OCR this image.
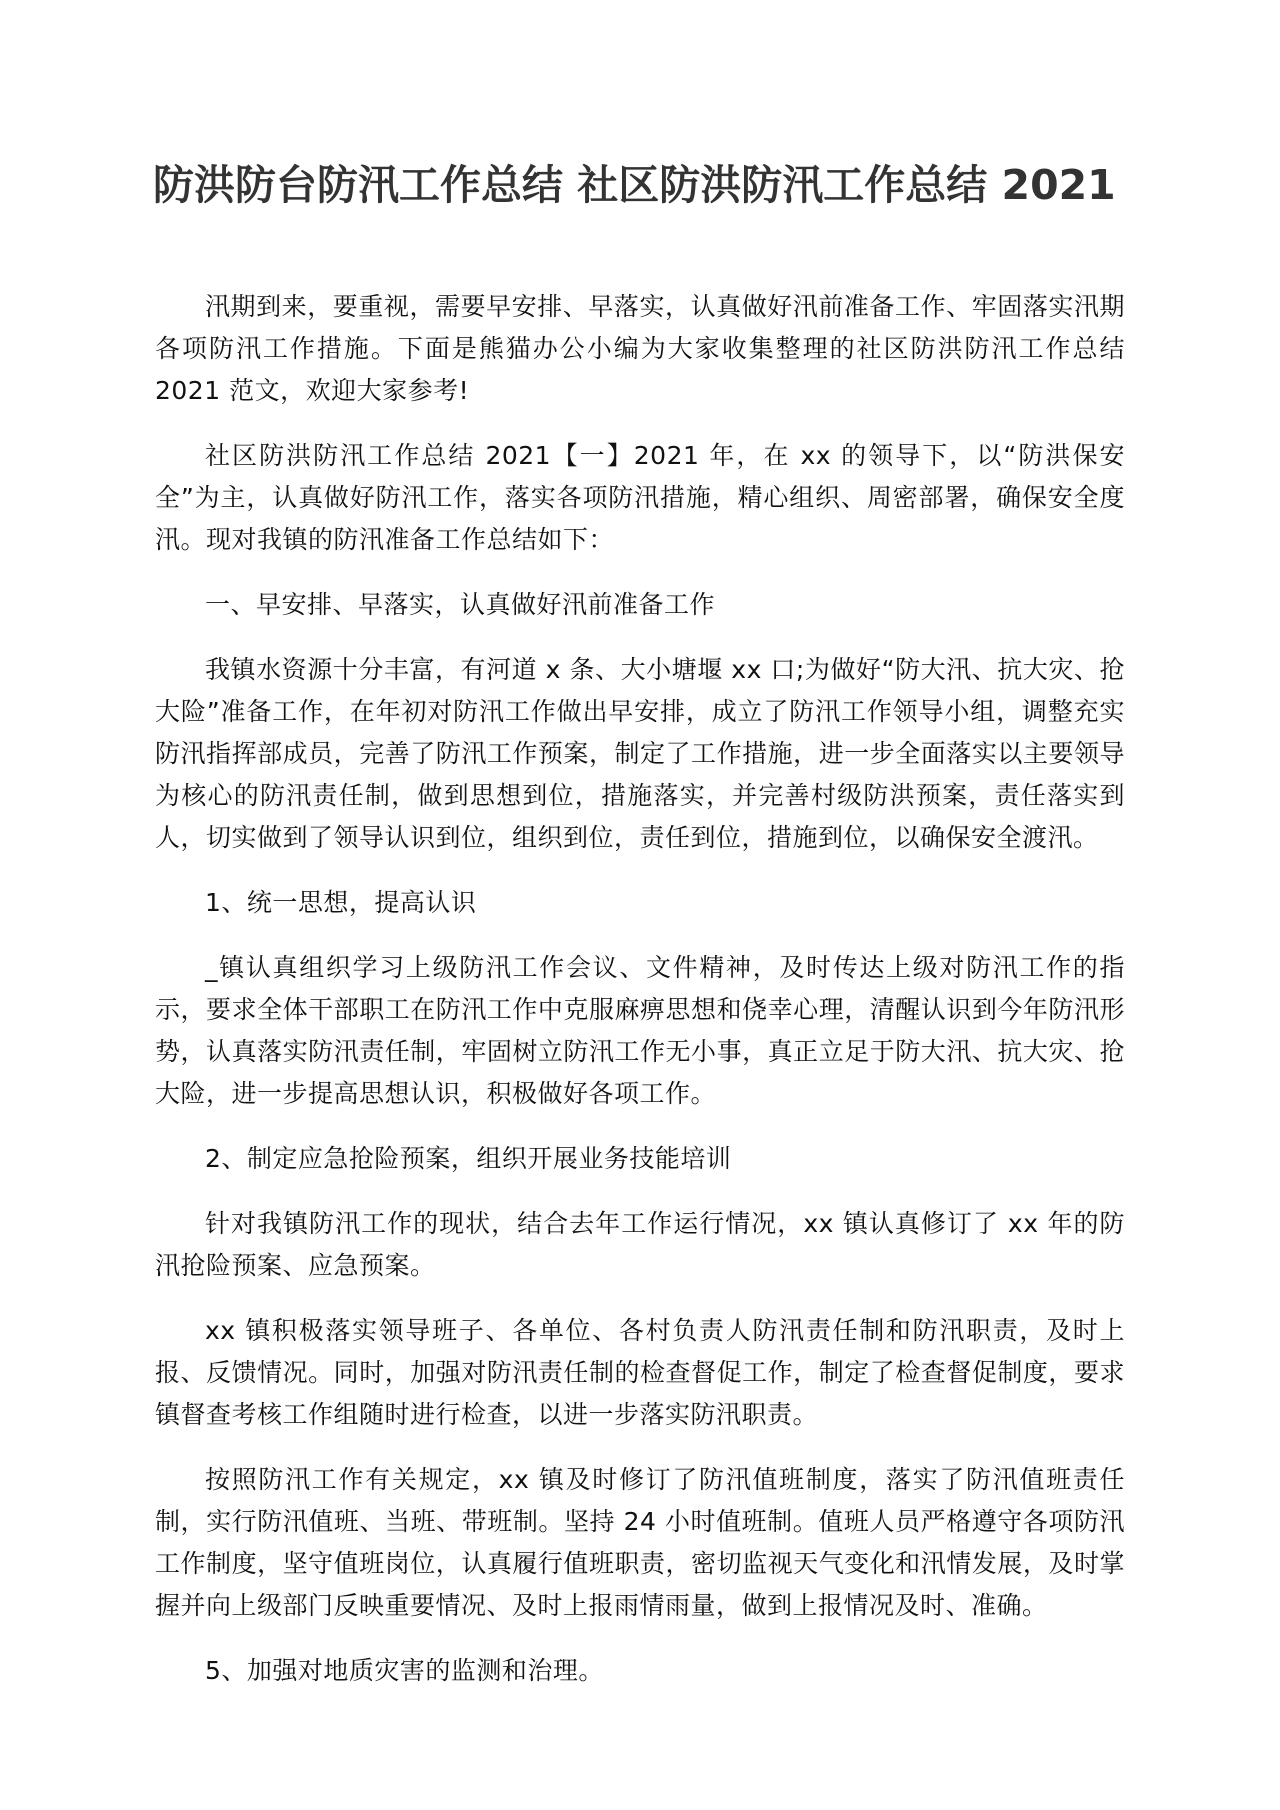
防洪防台防汛工作总结 社区防洪防汛工作总结 2021

汛期到来，要重视，需要早安排、早落实，认真做好汛前准备工作、牢固落实汛期各项防汛工作措施。下面是熊猫办公小编为大家收集整理的社区防洪防汛工作总结 2021 范文，欢迎大家参考!

社区防洪防汛工作总结 2021【一】2021 年，在 xx 的领导下，以“防洪保安全”为主，认真做好防汛工作，落实各项防汛措施，精心组织、周密部署，确保安全度汛。现对我镇的防汛准备工作总结如下：

一、早安排、早落实，认真做好汛前准备工作

我镇水资源十分丰富，有河道 x 条、大小塘堰 xx 口;为做好“防大汛、抗大灾、抢大险”准备工作，在年初对防汛工作做出早安排，成立了防汛工作领导小组，调整充实防汛指挥部成员，完善了防汛工作预案，制定了工作措施，进一步全面落实以主要领导为核心的防汛责任制，做到思想到位，措施落实，并完善村级防洪预案，责任落实到人，切实做到了领导认识到位，组织到位，责任到位，措施到位，以确保安全渡汛。

1、统一思想，提高认识

_镇认真组织学习上级防汛工作会议、文件精神，及时传达上级对防汛工作的指示，要求全体干部职工在防汛工作中克服麻痹思想和侥幸心理，清醒认识到今年防汛形势，认真落实防汛责任制，牢固树立防汛工作无小事，真正立足于防大汛、抗大灾、抢大险，进一步提高思想认识，积极做好各项工作。

2、制定应急抢险预案，组织开展业务技能培训

针对我镇防汛工作的现状，结合去年工作运行情况，xx 镇认真修订了 xx 年的防汛抢险预案、应急预案。

xx 镇积极落实领导班子、各单位、各村负责人防汛责任制和防汛职责，及时上报、反馈情况。同时，加强对防汛责任制的检查督促工作，制定了检查督促制度，要求镇督查考核工作组随时进行检查，以进一步落实防汛职责。

按照防汛工作有关规定，xx 镇及时修订了防汛值班制度，落实了防汛值班责任制，实行防汛值班、当班、带班制。坚持 24 小时值班制。值班人员严格遵守各项防汛工作制度，坚守值班岗位，认真履行值班职责，密切监视天气变化和汛情发展，及时掌握并向上级部门反映重要情况、及时上报雨情雨量，做到上报情况及时、准确。

5、加强对地质灾害的监测和治理。
